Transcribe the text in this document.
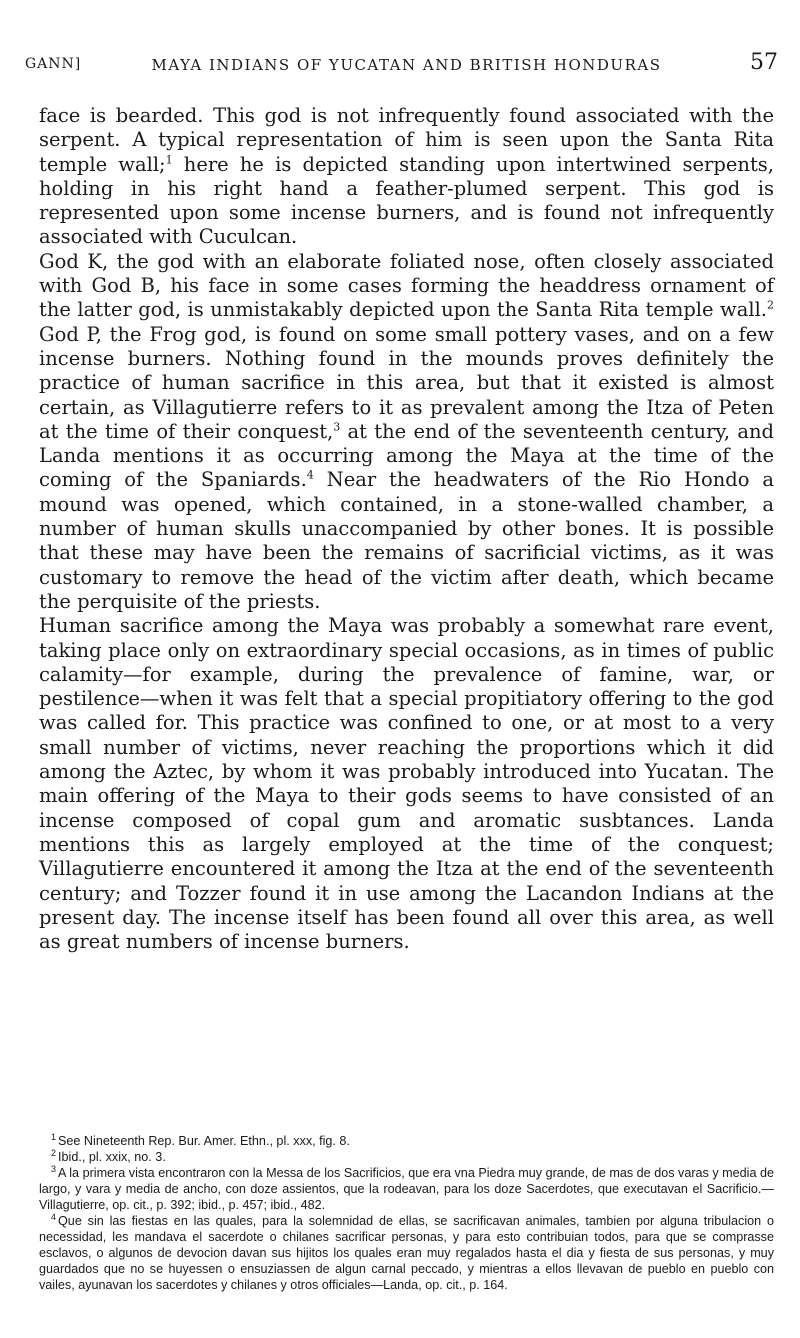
GANN]	MAYA INDIANS OF YUCATAN AND BRITISH HONDURAS	57

face is bearded. This god is not infrequently found associated with the serpent. A typical representation of him is seen upon the Santa Rita temple wall;$^1$ here he is depicted standing upon intertwined serpents, holding in his right hand a feather-plumed serpent. This god is represented upon some incense burners, and is found not infrequently associated with Cuculcan.

God K, the god with an elaborate foliated nose, often closely associated with God B, his face in some cases forming the headdress ornament of the latter god, is unmistakably depicted upon the Santa Rita temple wall.$^2$ God P, the Frog god, is found on some small pottery vases, and on a few incense burners. Nothing found in the mounds proves definitely the practice of human sacrifice in this area, but that it existed is almost certain, as Villagutierre refers to it as prevalent among the Itza of Peten at the time of their conquest,$^3$ at the end of the seventeenth century, and Landa mentions it as occurring among the Maya at the time of the coming of the Spaniards.$^4$ Near the headwaters of the Rio Hondo a mound was opened, which contained, in a stone-walled chamber, a number of human skulls unaccompanied by other bones. It is possible that these may have been the remains of sacrificial victims, as it was customary to remove the head of the victim after death, which became the perquisite of the priests.

Human sacrifice among the Maya was probably a somewhat rare event, taking place only on extraordinary special occasions, as in times of public calamity—for example, during the prevalence of famine, war, or pestilence—when it was felt that a special propitiatory offering to the god was called for. This practice was confined to one, or at most to a very small number of victims, never reaching the proportions which it did among the Aztec, by whom it was probably introduced into Yucatan. The main offering of the Maya to their gods seems to have consisted of an incense composed of copal gum and aromatic susbtances. Landa mentions this as largely employed at the time of the conquest; Villagutierre encountered it among the Itza at the end of the seventeenth century; and Tozzer found it in use among the Lacandon Indians at the present day. The incense itself has been found all over this area, as well as great numbers of incense burners.

$^1$ See Nineteenth Rep. Bur. Amer. Ethn., pl. xxx, fig. 8.

$^2$ Ibid., pl. xxix, no. 3.

$^3$ A la primera vista encontraron con la Messa de los Sacrificios, que era vna Piedra muy grande, de mas de dos varas y media de largo, y vara y media de ancho, con doze assientos, que la rodeavan, para los doze Sacerdotes, que executavan el Sacrificio.—Villagutierre, op. cit., p. 392; ibid., p. 457; ibid., 482.

$^4$ Que sin las fiestas en las quales, para la solemnidad de ellas, se sacrificavan animales, tambien por alguna tribulacion o necessidad, les mandava el sacerdote o chilanes sacrificar personas, y para esto contribuian todos, para que se comprasse esclavos, o algunos de devocion davan sus hijitos los quales eran muy regalados hasta el dia y fiesta de sus personas, y muy guardados que no se huyessen o ensuziassen de algun carnal peccado, y mientras a ellos llevavan de pueblo en pueblo con vailes, ayunavan los sacerdotes y chilanes y otros officiales—Landa, op. cit., p. 164.
